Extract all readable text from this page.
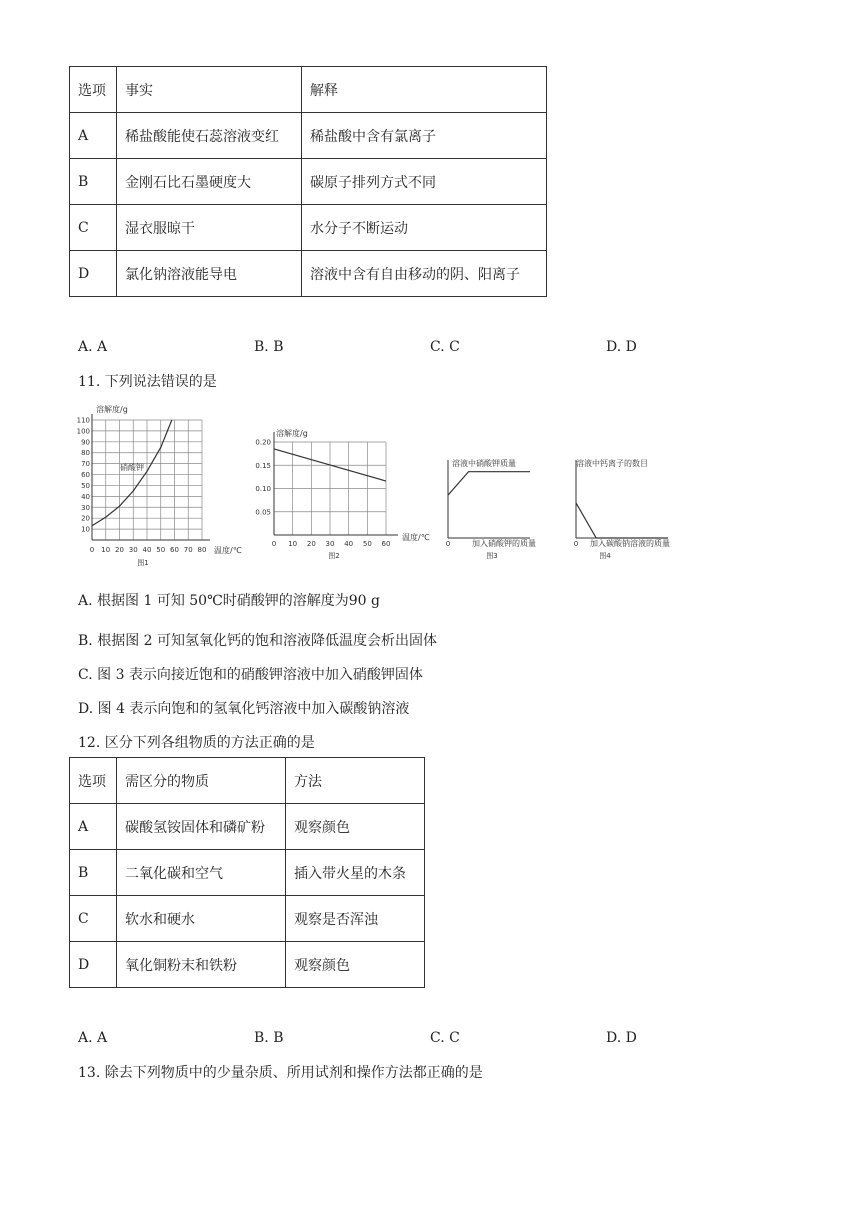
选项	事实	解释
A	稀盐酸能使石蕊溶液变红	稀盐酸中含有氯离子
B	金刚石比石墨硬度大	碳原子排列方式不同
C	湿衣服晾干	水分子不断运动
D	氯化钠溶液能导电	溶液中含有自由移动的阴、阳离子
A. A	B. B	C. C	D. D
11. 下列说法错误的是
10
20
30
40
50
60
70
80
90
100
110
0 10 20 30 40 50 60 70 80
溶解度/g
温度/℃
硝酸钾
图1
0.05
0.10
0.15
0.20
0 10 20 30 40 50 60
溶解度/g
温度/℃
图2
溶液中硝酸钾质量
加入硝酸钾的质量
0
图3
溶液中钙离子的数目
加入碳酸钠溶液的质量
0
图4
A. 根据图 1 可知 50℃时硝酸钾的溶解度为90 g
B. 根据图 2 可知氢氧化钙的饱和溶液降低温度会析出固体
C. 图 3 表示向接近饱和的硝酸钾溶液中加入硝酸钾固体
D. 图 4 表示向饱和的氢氧化钙溶液中加入碳酸钠溶液
12. 区分下列各组物质的方法正确的是
选项	需区分的物质	方法
A	碳酸氢铵固体和磷矿粉	观察颜色
B	二氧化碳和空气	插入带火星的木条
C	软水和硬水	观察是否浑浊
D	氧化铜粉末和铁粉	观察颜色
A. A	B. B	C. C	D. D
13. 除去下列物质中的少量杂质、所用试剂和操作方法都正确的是
